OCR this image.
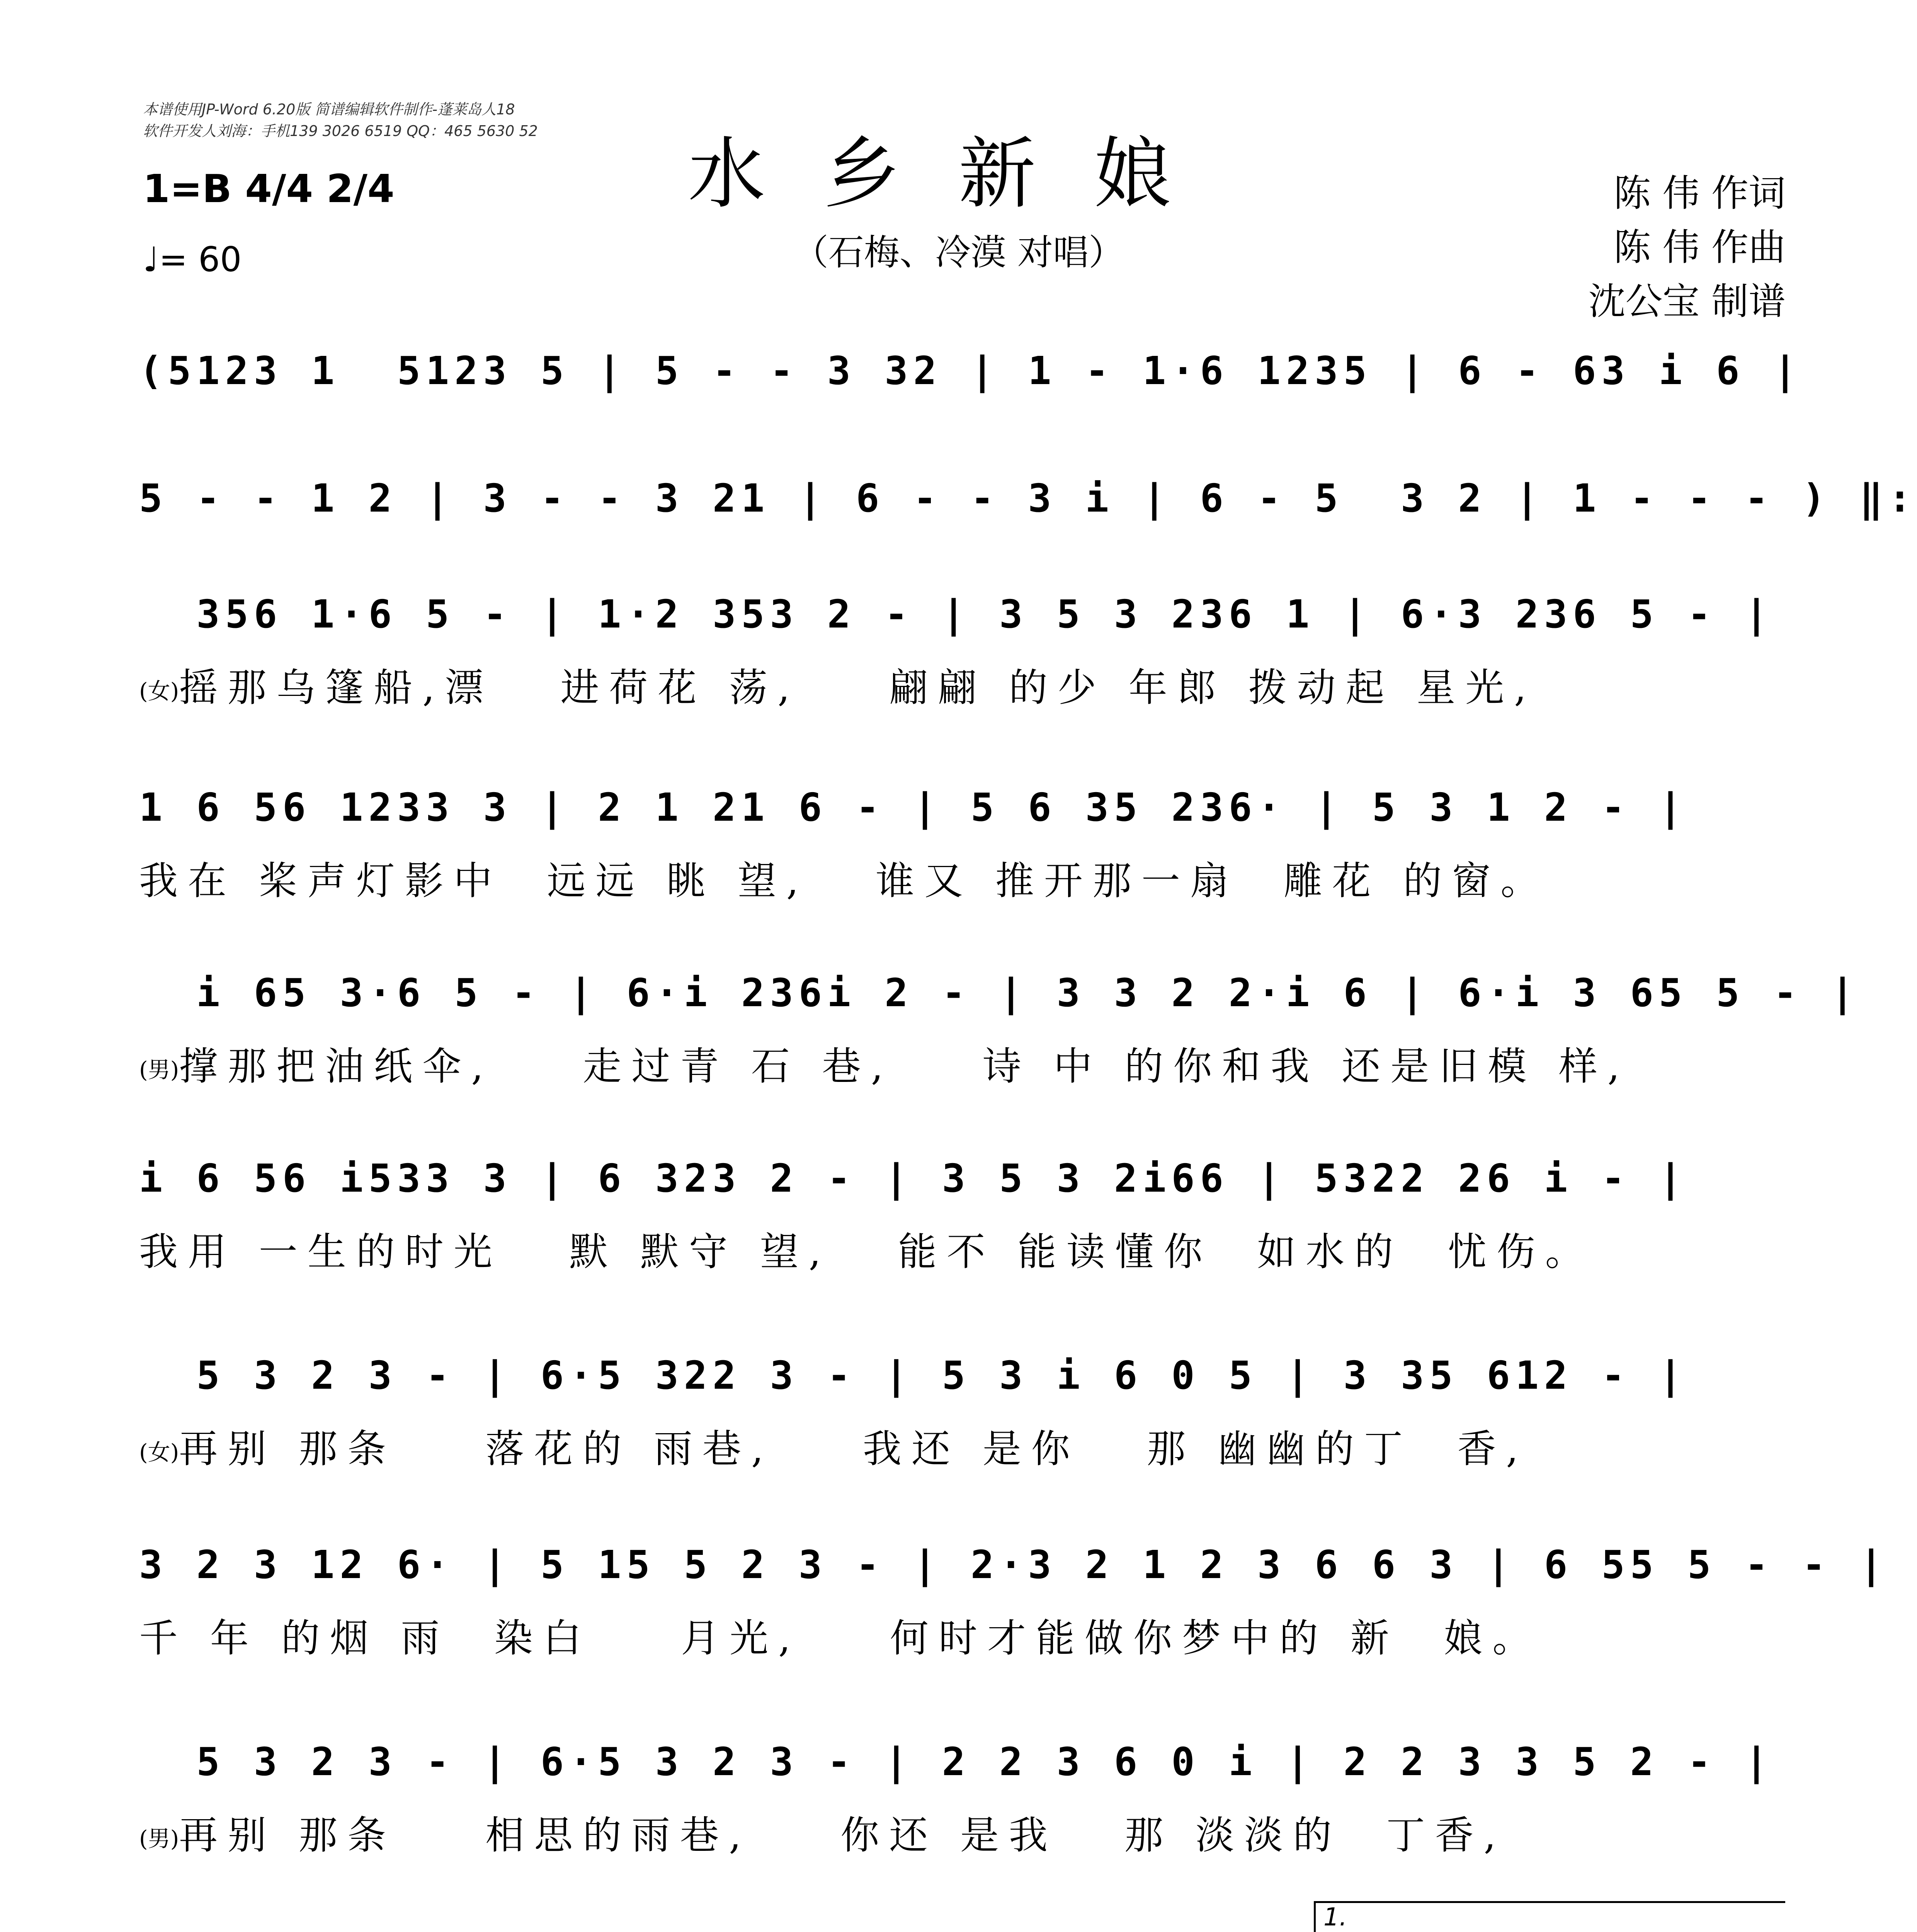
本谱使用JP-Word 6.20版 简谱编辑软件制作-蓬莱岛人18
软件开发人刘海：手机139 3026 6519 QQ：465 5630 52
1=B 4/4 2/4
♩= 60
水乡新娘
（石梅、冷漠 对唱）
陈 伟 作词
陈 伟 作曲
沈公宝 制谱
(5123 1  5123 5 | 5 - - 3 32 | 1 - 1·6 1235 | 6 - 63 i 6 |
5 - - 1 2 | 3 - - 3 21 | 6 - - 3 i | 6 - 5  3 2 | 1 - - - ) ‖:
356 1·6 5 - | 1·2 353 2 - | 3 5 3 236 1 | 6·3 236 5 - |
(女)摇那乌篷船,漂   进荷花 荡,    翩翩 的少 年郎 拨动起 星光,
1 6 56 1233 3 | 2 1 21 6 - | 5 6 35 236· | 5 3 1 2 - |
我在 桨声灯影中  远远 眺 望,   谁又 推开那一扇  雕花 的窗。
i 65 3·6 5 - | 6·i 236i 2 - | 3 3 2 2·i 6 | 6·i 3 65 5 - |
(男)撑那把油纸伞,    走过青 石 巷,    诗 中 的你和我 还是旧模 样,
i 6 56 i533 3 | 6 323 2 - | 3 5 3 2i66 | 5322 26 i - |
我用 一生的时光   默 默守 望,   能不 能读懂你  如水的  忧伤。
5 3 2 3 - | 6·5 322 3 - | 5 3 i 6 0 5 | 3 35 612 - |
(女)再别 那条    落花的 雨巷,    我还 是你   那 幽幽的丁  香,
3 2 3 12 6· | 5 15 5 2 3 - | 2·3 2 1 2 3 6 6 3 | 6 55 5 - - |
千 年 的烟 雨  染白    月光,    何时才能做你梦中的 新  娘。
5 3 2 3 - | 6·5 3 2 3 - | 2 2 3 6 0 i | 2 2 3 3 5 2 - |
(男)再别 那条    相思的雨巷,    你还 是我   那 淡淡的  丁香,
1.
